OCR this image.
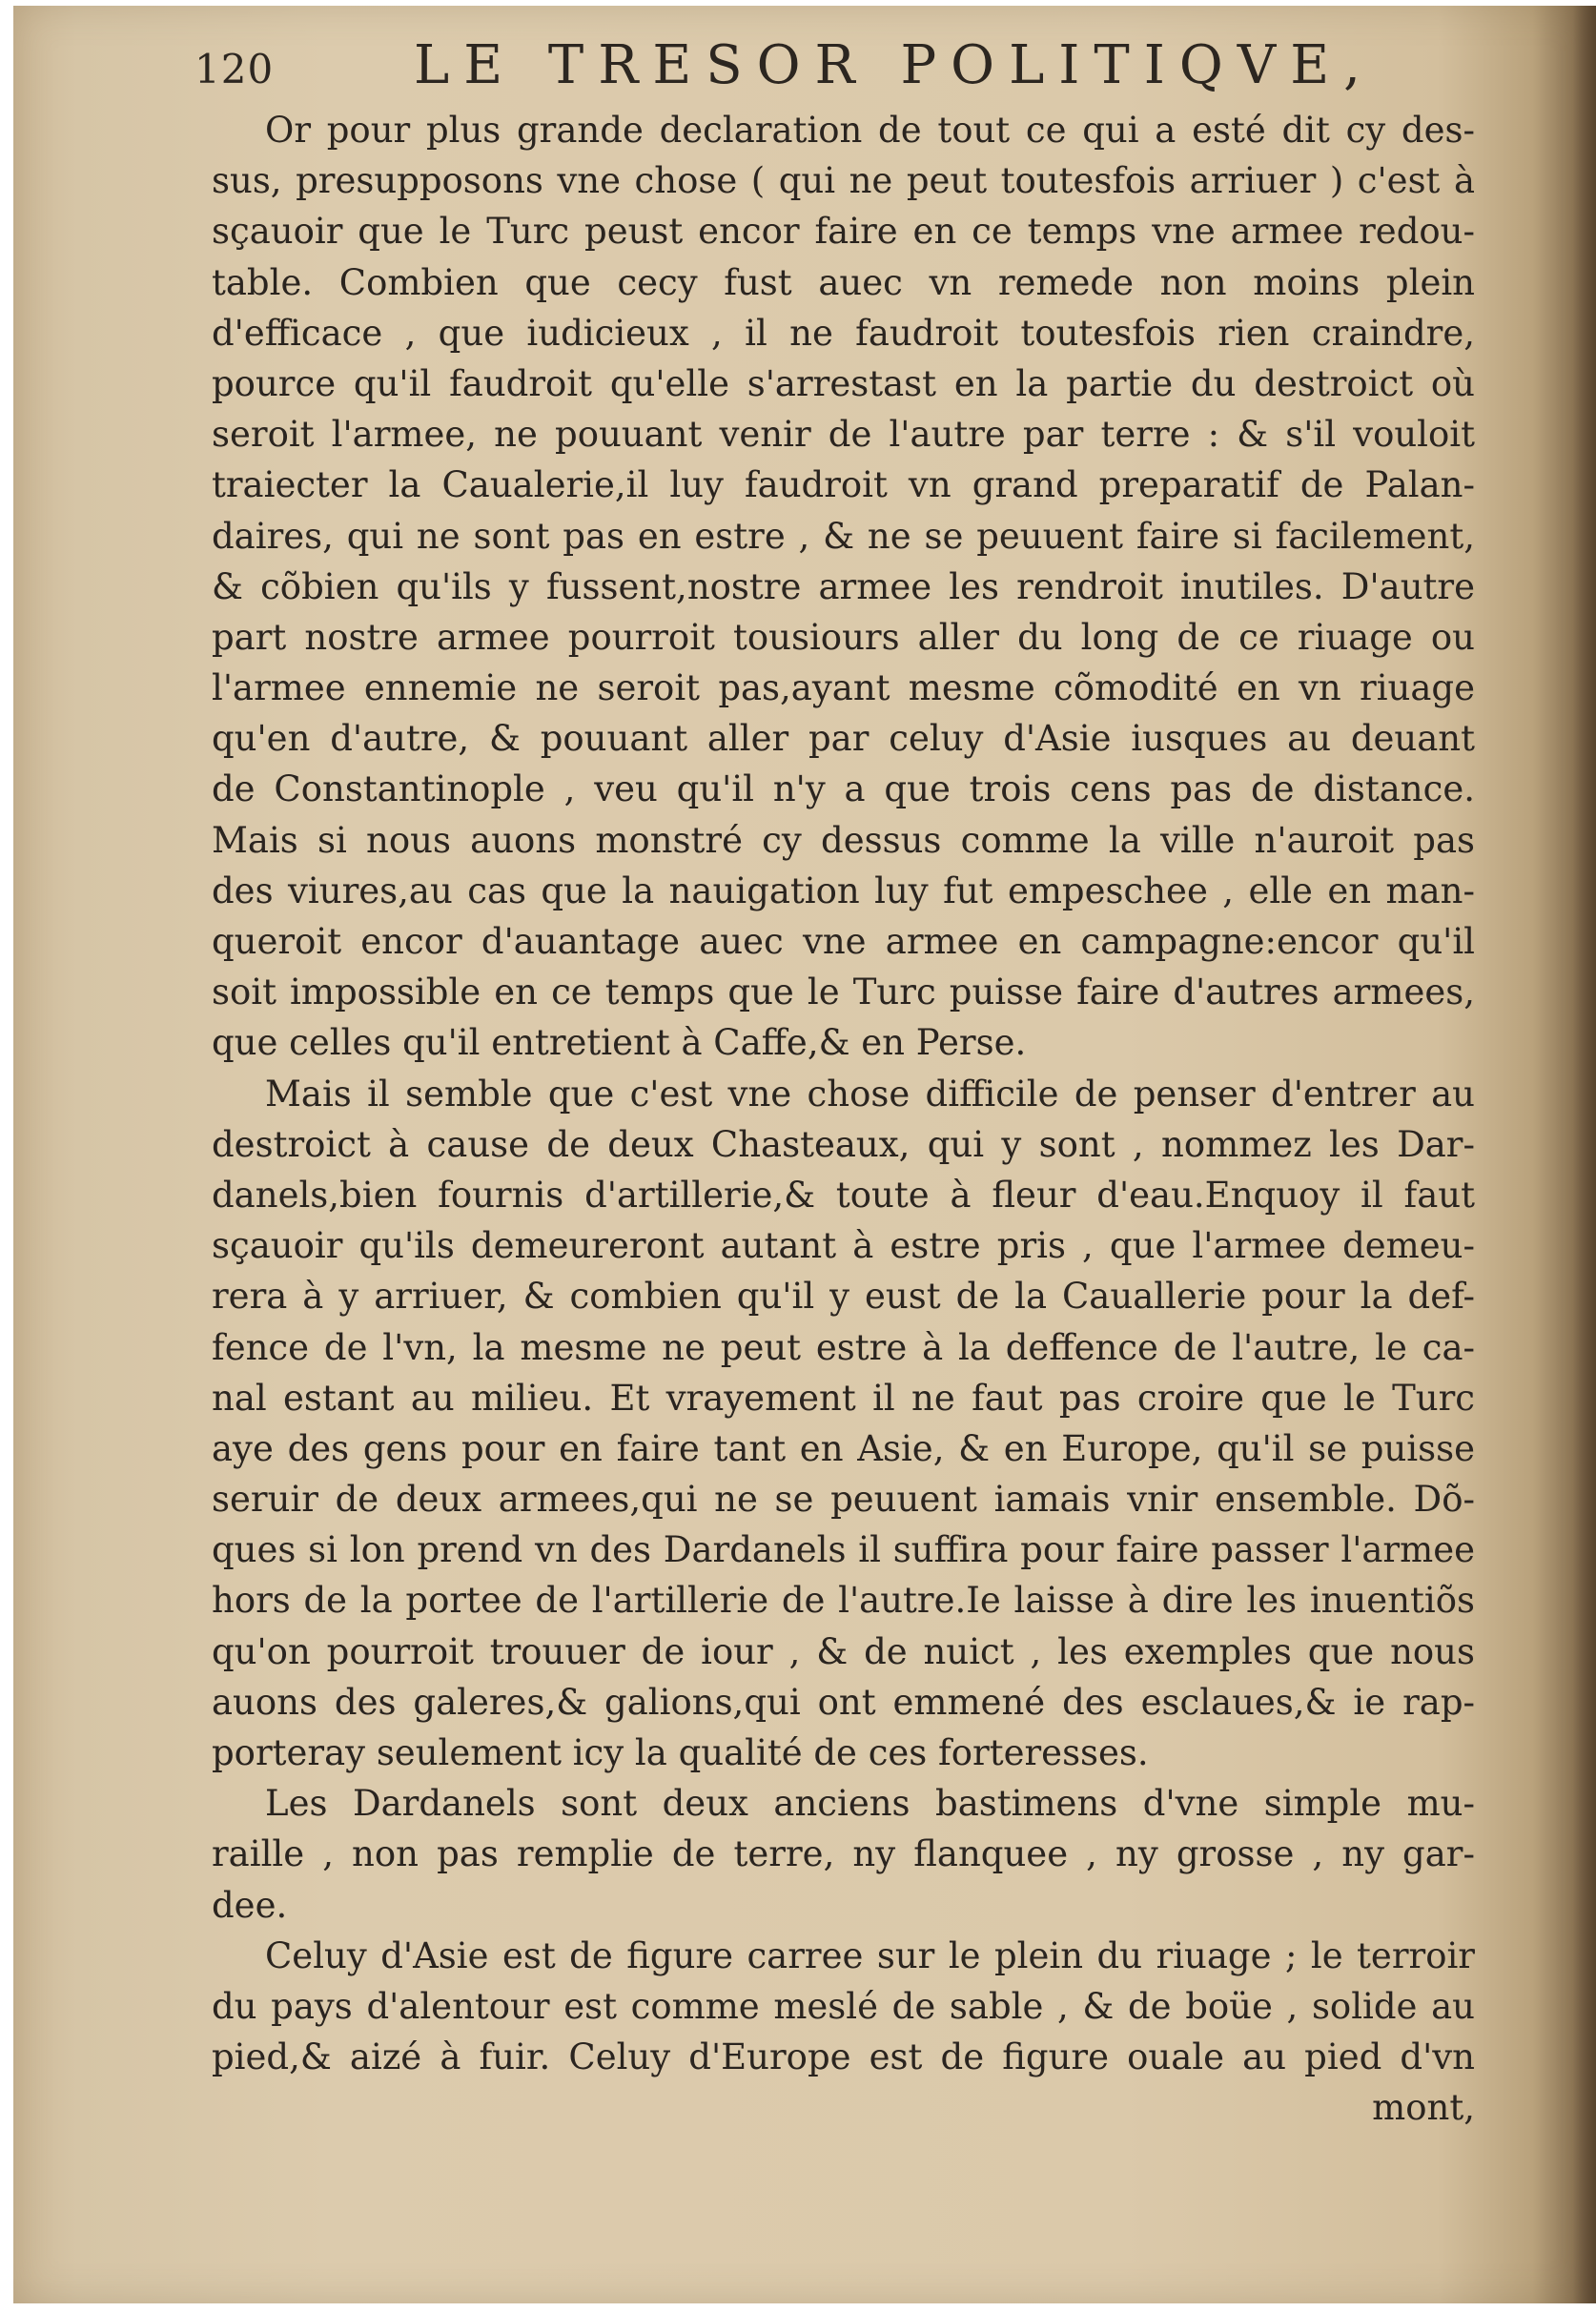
120	LE TRESOR POLITIQVE,
Or pour plus grande declaration de tout ce qui a esté dit cy des-
sus, presupposons vne chose ( qui ne peut toutesfois arriuer ) c'est à
sçauoir que le Turc peust encor faire en ce temps vne armee redou-
table. Combien que cecy fust auec vn remede non moins plein
d'efficace , que iudicieux , il ne faudroit toutesfois rien craindre,
pource qu'il faudroit qu'elle s'arrestast en la partie du destroict où
seroit l'armee, ne pouuant venir de l'autre par terre : & s'il vouloit
traiecter la Caualerie,il luy faudroit vn grand preparatif de Palan-
daires, qui ne sont pas en estre , & ne se peuuent faire si facilement,
& cõbien qu'ils y fussent,nostre armee les rendroit inutiles. D'autre
part nostre armee pourroit tousiours aller du long de ce riuage ou
l'armee ennemie ne seroit pas,ayant mesme cõmodité en vn riuage
qu'en d'autre, & pouuant aller par celuy d'Asie iusques au deuant
de Constantinople , veu qu'il n'y a que trois cens pas de distance.
Mais si nous auons monstré cy dessus comme la ville n'auroit pas
des viures,au cas que la nauigation luy fut empeschee , elle en man-
queroit encor d'auantage auec vne armee en campagne:encor qu'il
soit impossible en ce temps que le Turc puisse faire d'autres armees,
que celles qu'il entretient à Caffe,& en Perse.
Mais il semble que c'est vne chose difficile de penser d'entrer au
destroict à cause de deux Chasteaux, qui y sont , nommez les Dar-
danels,bien fournis d'artillerie,& toute à fleur d'eau.Enquoy il faut
sçauoir qu'ils demeureront autant à estre pris , que l'armee demeu-
rera à y arriuer, & combien qu'il y eust de la Cauallerie pour la def-
fence de l'vn, la mesme ne peut estre à la deffence de l'autre, le ca-
nal estant au milieu. Et vrayement il ne faut pas croire que le Turc
aye des gens pour en faire tant en Asie, & en Europe, qu'il se puisse
seruir de deux armees,qui ne se peuuent iamais vnir ensemble. Dõ-
ques si lon prend vn des Dardanels il suffira pour faire passer l'armee
hors de la portee de l'artillerie de l'autre.Ie laisse à dire les inuentiõs
qu'on pourroit trouuer de iour , & de nuict , les exemples que nous
auons des galeres,& galions,qui ont emmené des esclaues,& ie rap-
porteray seulement icy la qualité de ces forteresses.
Les Dardanels sont deux anciens bastimens d'vne simple mu-
raille , non pas remplie de terre, ny flanquee , ny grosse , ny gar-
dee.
Celuy d'Asie est de figure carree sur le plein du riuage ; le terroir
du pays d'alentour est comme meslé de sable , & de boüe , solide au
pied,& aizé à fuir. Celuy d'Europe est de figure ouale au pied d'vn
mont,
